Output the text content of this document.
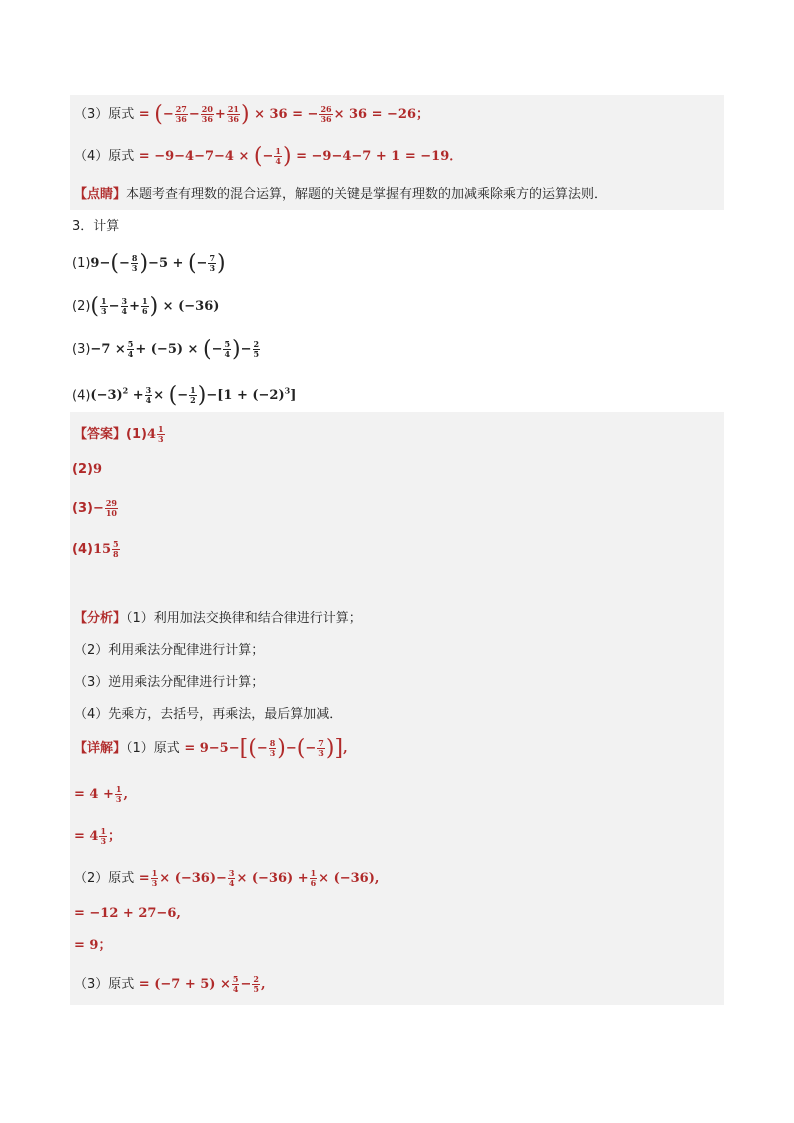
（3）原式 = (− $\frac{27}{36} - \frac{20}{36} + \frac{21}{36}$ ) × 36 = − $\frac{26}{36} \times 36 = -26$；
（4）原式 = −9−4−7−4 × (− $\frac{1}{4}$ ) = −9−4−7 + 1 = −19．
【点睛】本题考查有理数的混合运算，解题的关键是掌握有理数的加减乘除乘方的运算法则．
3．计算
$(1)9-(- \frac{8}{3} )-5$ + (− $\frac{7}{3}$ )
$(2)( \frac{1}{3} - \frac{3}{4} + \frac{1}{6}$ ) × (−36)
$(3)-7 \times \frac{5}{4} + (-5)$ × (− $\frac{5}{4}$ )− $\frac{2}{5}$
$(4)(-3)^2 + \frac{3}{4}$ × (− $\frac{1}{2} )-[1 + (-2)^3]$
【答案】$(1)4 \frac{1}{3}$
(2)9
$(3)- \frac{29}{10}$
$(4)15 \frac{5}{8}$
【分析】（1）利用加法交换律和结合律进行计算；
（2）利用乘法分配律进行计算；
（3）逆用乘法分配律进行计算；
（4）先乘方，去括号，再乘法，最后算加减．
【详解】（1）原式 = $9-5-[(- \frac{8}{3}$ )−(− $\frac{7}{3}$ )],
= $4 + \frac{1}{3}$ ,
= $4 \frac{1}{3}$ ；
（2）原式 = $\frac{1}{3} \times (-36)- \frac{3}{4} \times (-36) + \frac{1}{6} \times (-36)$,
= −12 + 27−6,
= 9；
（3）原式 = $(-7 + 5) \times \frac{5}{4} - \frac{2}{5}$ ,
